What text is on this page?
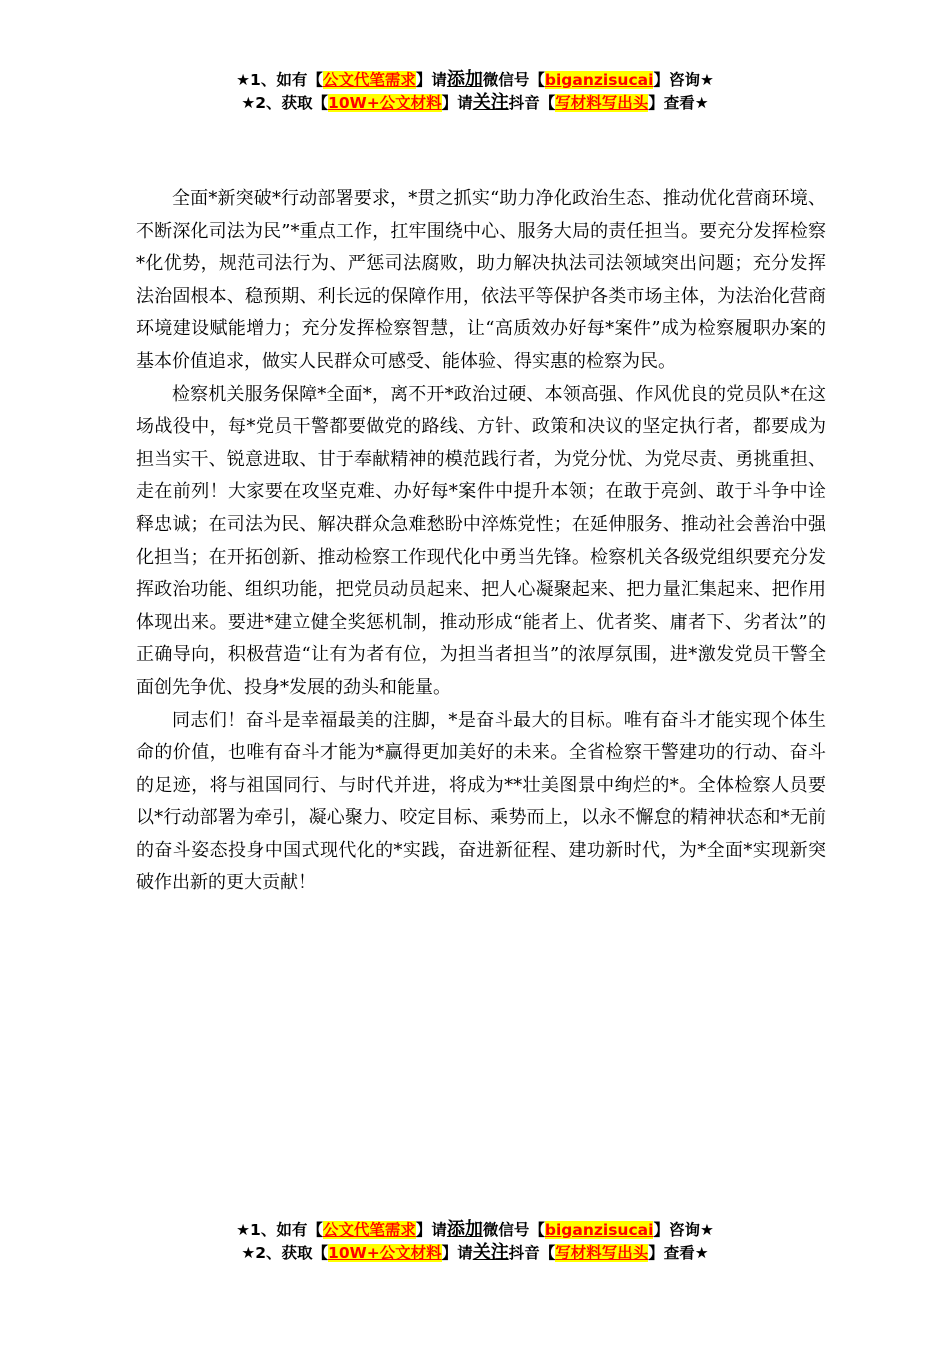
★1、如有【公文代笔需求】请添加微信号【biganzisucai】咨询★
★2、获取【10W+公文材料】请关注抖音【写材料写出头】查看★

全面*新突破*行动部署要求，*贯之抓实“助力净化政治生态、推动优化营商环境、不断深化司法为民”*重点工作，扛牢围绕中心、服务大局的责任担当。要充分发挥检察*化优势，规范司法行为、严惩司法腐败，助力解决执法司法领域突出问题；充分发挥法治固根本、稳预期、利长远的保障作用，依法平等保护各类市场主体，为法治化营商环境建设赋能增力；充分发挥检察智慧，让“高质效办好每*案件”成为检察履职办案的基本价值追求，做实人民群众可感受、能体验、得实惠的检察为民。

检察机关服务保障*全面*，离不开*政治过硬、本领高强、作风优良的党员队*在这场战役中，每*党员干警都要做党的路线、方针、政策和决议的坚定执行者，都要成为担当实干、锐意进取、甘于奉献精神的模范践行者，为党分忧、为党尽责、勇挑重担、走在前列！大家要在攻坚克难、办好每*案件中提升本领；在敢于亮剑、敢于斗争中诠释忠诚；在司法为民、解决群众急难愁盼中淬炼党性；在延伸服务、推动社会善治中强化担当；在开拓创新、推动检察工作现代化中勇当先锋。检察机关各级党组织要充分发挥政治功能、组织功能，把党员动员起来、把人心凝聚起来、把力量汇集起来、把作用体现出来。要进*建立健全奖惩机制，推动形成“能者上、优者奖、庸者下、劣者汰”的正确导向，积极营造“让有为者有位，为担当者担当”的浓厚氛围，进*激发党员干警全面创先争优、投身*发展的劲头和能量。

同志们！奋斗是幸福最美的注脚，*是奋斗最大的目标。唯有奋斗才能实现个体生命的价值，也唯有奋斗才能为*赢得更加美好的未来。全省检察干警建功的行动、奋斗的足迹，将与祖国同行、与时代并进，将成为**壮美图景中绚烂的*。全体检察人员要以*行动部署为牵引，凝心聚力、咬定目标、乘势而上，以永不懈怠的精神状态和*无前的奋斗姿态投身中国式现代化的*实践，奋进新征程、建功新时代，为*全面*实现新突破作出新的更大贡献！

★1、如有【公文代笔需求】请添加微信号【biganzisucai】咨询★
★2、获取【10W+公文材料】请关注抖音【写材料写出头】查看★
